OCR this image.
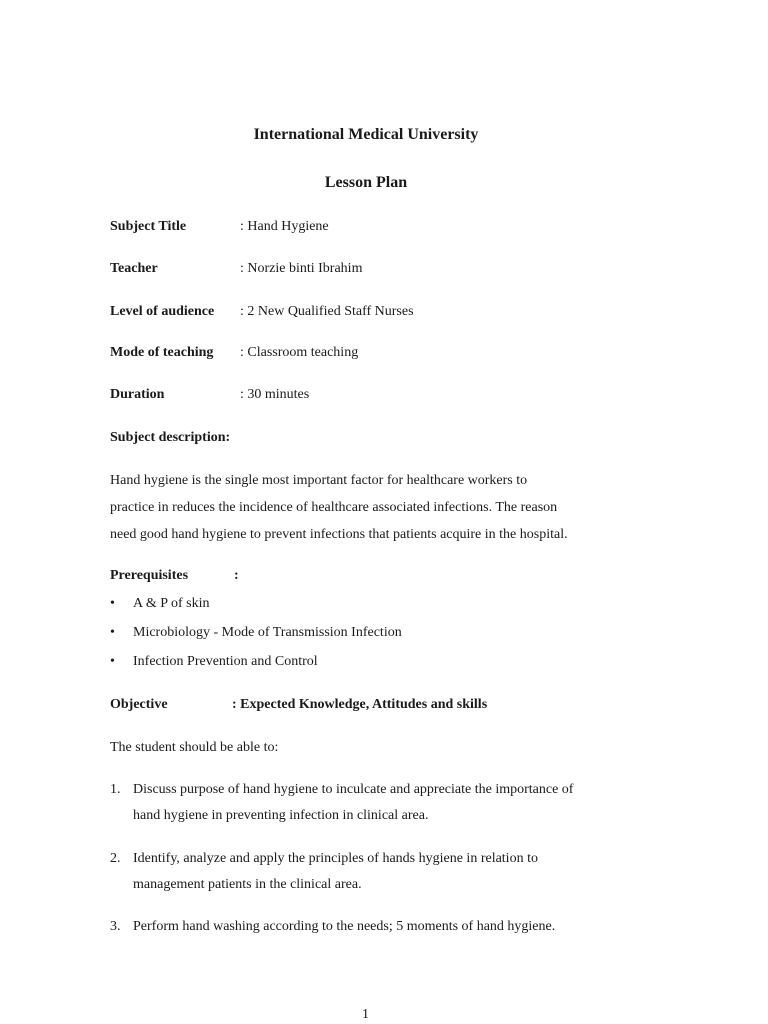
International Medical University
Lesson Plan
Subject Title	: Hand Hygiene
Teacher	: Norzie binti Ibrahim
Level of audience : 2 New Qualified Staff Nurses
Mode of teaching : Classroom teaching
Duration	: 30 minutes
Subject description:
Hand hygiene is the single most important factor for healthcare workers to
practice in reduces the incidence of healthcare associated infections. The reason
need good hand hygiene to prevent infections that patients acquire in the hospital.
Prerequisites	:
• A & P of skin
• Microbiology - Mode of Transmission Infection
• Infection Prevention and Control
Objective	: Expected Knowledge, Attitudes and skills
The student should be able to:
1. Discuss purpose of hand hygiene to inculcate and appreciate the importance of
hand hygiene in preventing infection in clinical area.
2. Identify, analyze and apply the principles of hands hygiene in relation to
management patients in the clinical area.
3. Perform hand washing according to the needs; 5 moments of hand hygiene.
1
